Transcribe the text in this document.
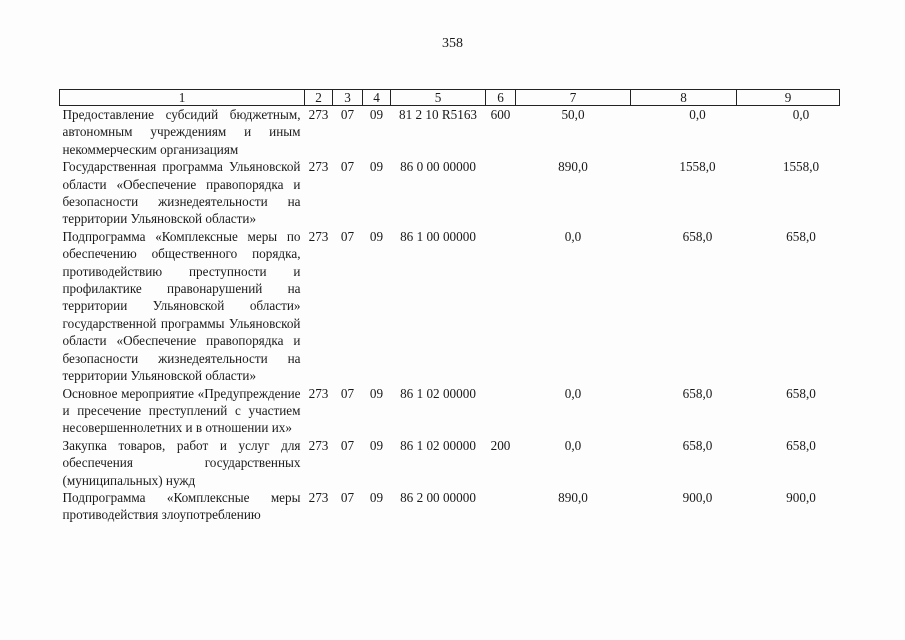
358
1	2	3	4	5	6	7	8	9
Предоставление субсидий бюджетным, автономным учреждениям и иным некоммерческим организациям	273	07	09	81 2 10 R5163	600	50,0	0,0	0,0
Государственная программа Ульяновской области «Обеспечение правопорядка и безопасности жизнедеятельности на территории Ульяновской области»	273	07	09	86 0 00 00000		890,0	1558,0	1558,0
Подпрограмма «Комплексные меры по обеспечению общественного порядка, противодействию преступности и профилактике правонарушений на территории Ульяновской области» государственной программы Ульяновской области «Обеспечение правопорядка и безопасности жизнедеятельности на территории Ульяновской области»	273	07	09	86 1 00 00000		0,0	658,0	658,0
Основное мероприятие «Предупреждение и пресечение преступлений с участием несовершеннолетних и в отношении их»	273	07	09	86 1 02 00000		0,0	658,0	658,0
Закупка товаров, работ и услуг для обеспечения государственных (муниципальных) нужд	273	07	09	86 1 02 00000	200	0,0	658,0	658,0
Подпрограмма «Комплексные меры противодействия злоупотреблению	273	07	09	86 2 00 00000		890,0	900,0	900,0
